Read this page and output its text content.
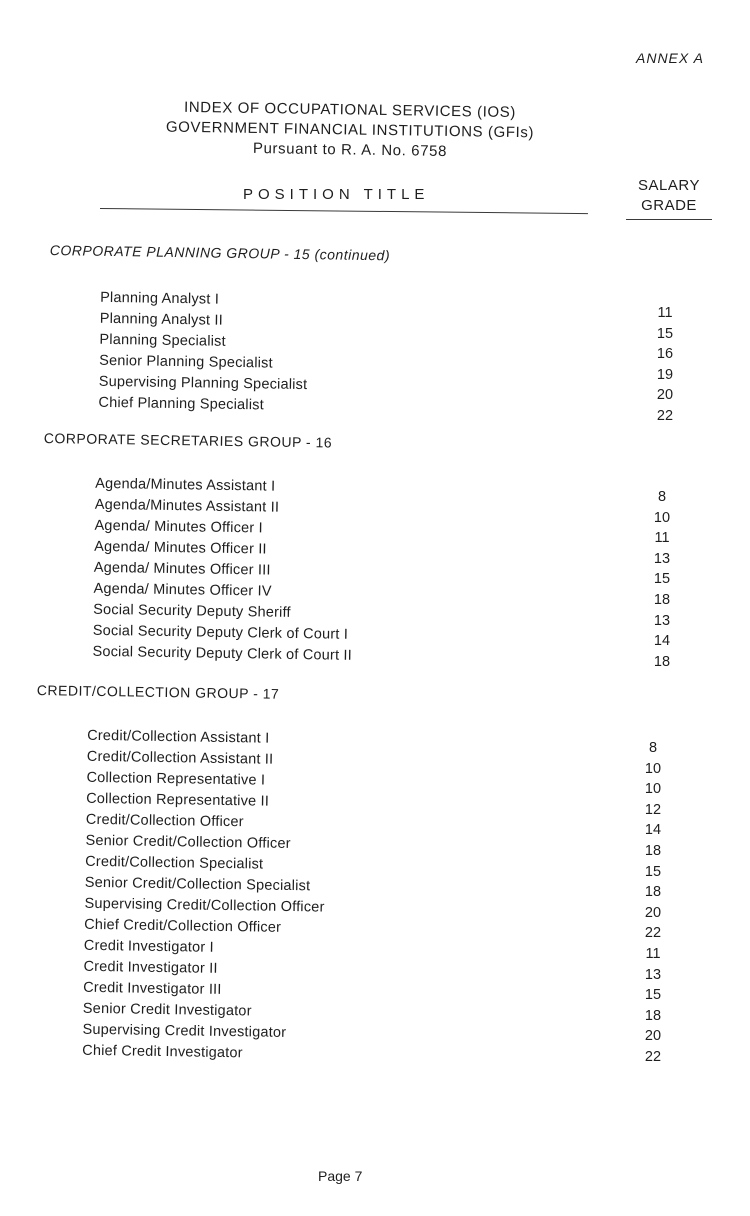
ANNEX A
INDEX OF OCCUPATIONAL SERVICES (IOS)
GOVERNMENT FINANCIAL INSTITUTIONS (GFIs)
Pursuant to R. A. No. 6758
POSITION TITLE
SALARY
GRADE
CORPORATE PLANNING GROUP - 15 (continued)
Planning Analyst I
Planning Analyst II
Planning Specialist
Senior Planning Specialist
Supervising Planning Specialist
Chief Planning Specialist
11
15
16
19
20
22
CORPORATE SECRETARIES GROUP - 16
Agenda/Minutes Assistant I
Agenda/Minutes Assistant II
Agenda/ Minutes Officer I
Agenda/ Minutes Officer II
Agenda/ Minutes Officer III
Agenda/ Minutes Officer IV
Social Security Deputy Sheriff
Social Security Deputy Clerk of Court I
Social Security Deputy Clerk of Court II
8
10
11
13
15
18
13
14
18
CREDIT/COLLECTION GROUP - 17
Credit/Collection Assistant I
Credit/Collection Assistant II
Collection Representative I
Collection Representative II
Credit/Collection Officer
Senior Credit/Collection Officer
Credit/Collection Specialist
Senior Credit/Collection Specialist
Supervising Credit/Collection Officer
Chief Credit/Collection Officer
Credit Investigator I
Credit Investigator II
Credit Investigator III
Senior Credit Investigator
Supervising Credit Investigator
Chief Credit Investigator
8
10
10
12
14
18
15
18
20
22
11
13
15
18
20
22
Page 7
